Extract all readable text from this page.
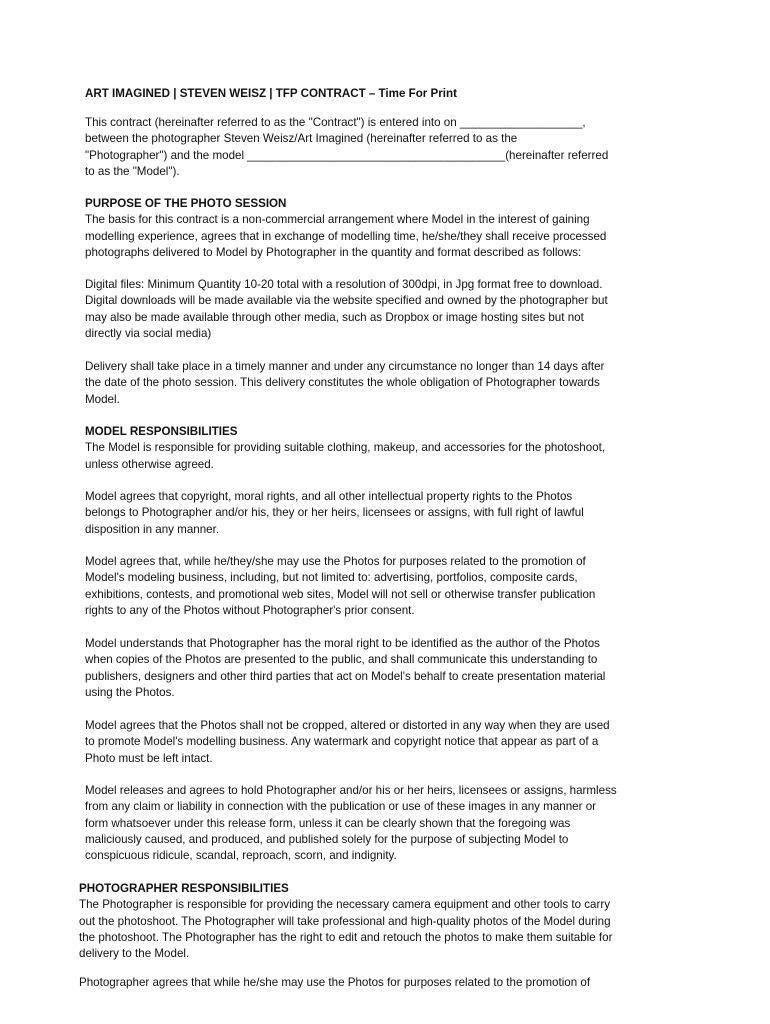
ART IMAGINED | STEVEN WEISZ | TFP CONTRACT – Time For Print

This contract (hereinafter referred to as the "Contract") is entered into on ___________________,
between the photographer Steven Weisz/Art Imagined (hereinafter referred to as the
"Photographer") and the model ________________________________________(hereinafter referred
to as the "Model").

PURPOSE OF THE PHOTO SESSION
The basis for this contract is a non-commercial arrangement where Model in the interest of gaining
modelling experience, agrees that in exchange of modelling time, he/she/they shall receive processed
photographs delivered to Model by Photographer in the quantity and format described as follows:

Digital files: Minimum Quantity 10-20 total with a resolution of 300dpi, in Jpg format free to download.
Digital downloads will be made available via the website specified and owned by the photographer but
may also be made available through other media, such as Dropbox or image hosting sites but not
directly via social media)

Delivery shall take place in a timely manner and under any circumstance no longer than 14 days after
the date of the photo session. This delivery constitutes the whole obligation of Photographer towards
Model.

MODEL RESPONSIBILITIES
The Model is responsible for providing suitable clothing, makeup, and accessories for the photoshoot,
unless otherwise agreed.

Model agrees that copyright, moral rights, and all other intellectual property rights to the Photos
belongs to Photographer and/or his, they or her heirs, licensees or assigns, with full right of lawful
disposition in any manner.

Model agrees that, while he/they/she may use the Photos for purposes related to the promotion of
Model's modeling business, including, but not limited to: advertising, portfolios, composite cards,
exhibitions, contests, and promotional web sites, Model will not sell or otherwise transfer publication
rights to any of the Photos without Photographer's prior consent.

Model understands that Photographer has the moral right to be identified as the author of the Photos
when copies of the Photos are presented to the public, and shall communicate this understanding to
publishers, designers and other third parties that act on Model's behalf to create presentation material
using the Photos.

Model agrees that the Photos shall not be cropped, altered or distorted in any way when they are used
to promote Model's modelling business. Any watermark and copyright notice that appear as part of a
Photo must be left intact.

Model releases and agrees to hold Photographer and/or his or her heirs, licensees or assigns, harmless
from any claim or liability in connection with the publication or use of these images in any manner or
form whatsoever under this release form, unless it can be clearly shown that the foregoing was
maliciously caused, and produced, and published solely for the purpose of subjecting Model to
conspicuous ridicule, scandal, reproach, scorn, and indignity.

PHOTOGRAPHER RESPONSIBILITIES
The Photographer is responsible for providing the necessary camera equipment and other tools to carry
out the photoshoot. The Photographer will take professional and high-quality photos of the Model during
the photoshoot. The Photographer has the right to edit and retouch the photos to make them suitable for
delivery to the Model.

Photographer agrees that while he/she may use the Photos for purposes related to the promotion of
